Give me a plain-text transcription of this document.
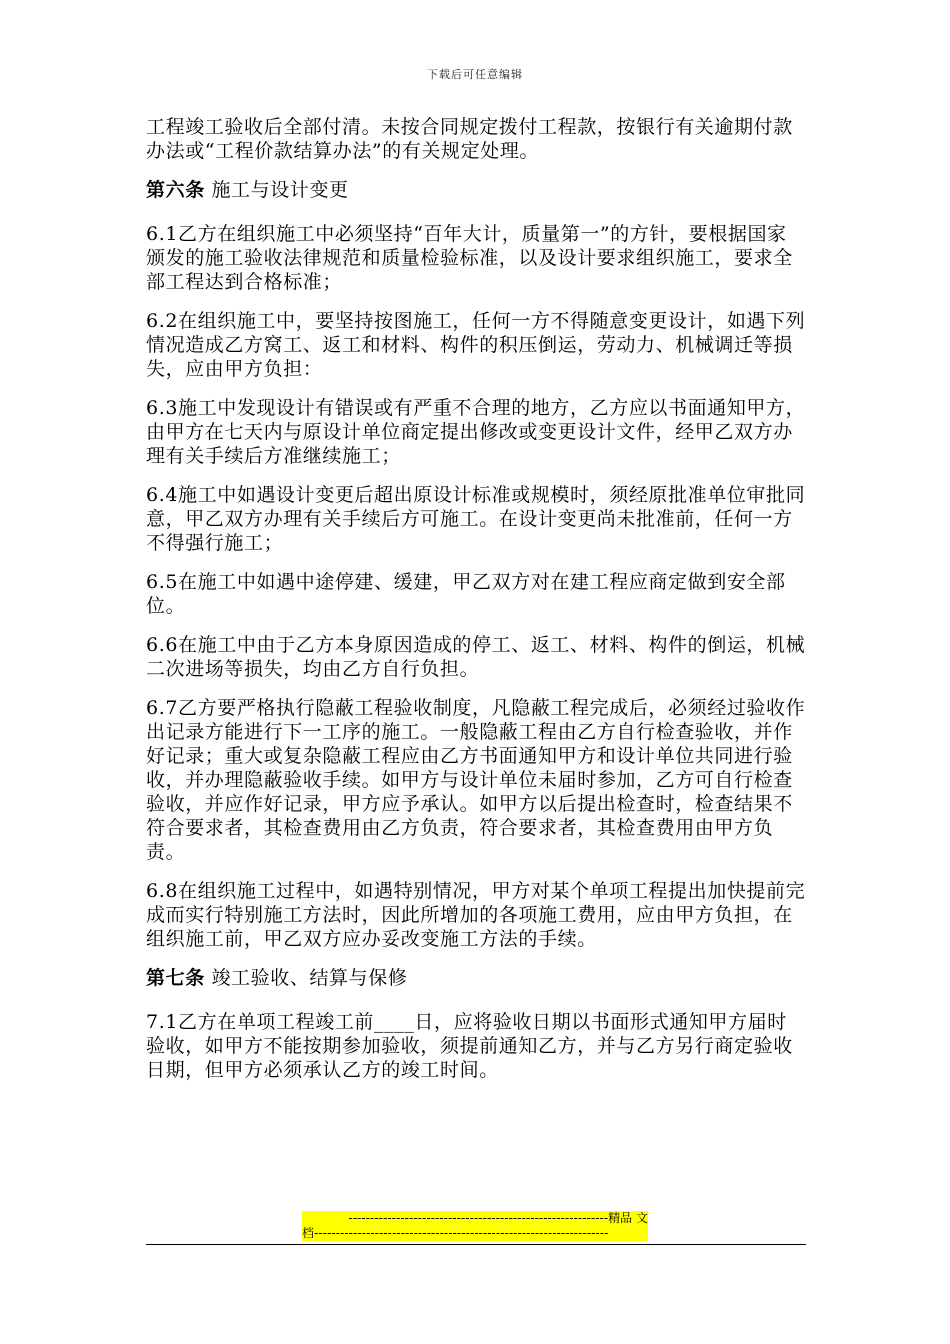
下载后可任意编辑

工程竣工验收后全部付清。未按合同规定拨付工程款，按银行有关逾期付款办法或“工程价款结算办法”的有关规定处理。

第六条 施工与设计变更

6.1乙方在组织施工中必须坚持“百年大计，质量第一”的方针，要根据国家颁发的施工验收法律规范和质量检验标准，以及设计要求组织施工，要求全部工程达到合格标准；

6.2在组织施工中，要坚持按图施工，任何一方不得随意变更设计，如遇下列情况造成乙方窝工、返工和材料、构件的积压倒运，劳动力、机械调迁等损失，应由甲方负担：

6.3施工中发现设计有错误或有严重不合理的地方，乙方应以书面通知甲方，由甲方在七天内与原设计单位商定提出修改或变更设计文件，经甲乙双方办理有关手续后方准继续施工；

6.4施工中如遇设计变更后超出原设计标准或规模时，须经原批准单位审批同意，甲乙双方办理有关手续后方可施工。在设计变更尚未批准前，任何一方不得强行施工；

6.5在施工中如遇中途停建、缓建，甲乙双方对在建工程应商定做到安全部位。

6.6在施工中由于乙方本身原因造成的停工、返工、材料、构件的倒运，机械二次进场等损失，均由乙方自行负担。

6.7乙方要严格执行隐蔽工程验收制度，凡隐蔽工程完成后，必须经过验收作出记录方能进行下一工序的施工。一般隐蔽工程由乙方自行检查验收，并作好记录；重大或复杂隐蔽工程应由乙方书面通知甲方和设计单位共同进行验收，并办理隐蔽验收手续。如甲方与设计单位未届时参加，乙方可自行检查验收，并应作好记录，甲方应予承认。如甲方以后提出检查时，检查结果不符合要求者，其检查费用由乙方负责，符合要求者，其检查费用由甲方负责。

6.8在组织施工过程中，如遇特别情况，甲方对某个单项工程提出加快提前完成而实行特别施工方法时，因此所增加的各项施工费用，应由甲方负担，在组织施工前，甲乙双方应办妥改变施工方法的手续。

第七条 竣工验收、结算与保修

7.1乙方在单项工程竣工前____日，应将验收日期以书面形式通知甲方届时验收，如甲方不能按期参加验收，须提前通知乙方，并与乙方另行商定验收日期，但甲方必须承认乙方的竣工时间。

------------------------------------------------------------精品 文
档--------------------------------------------------------------------
